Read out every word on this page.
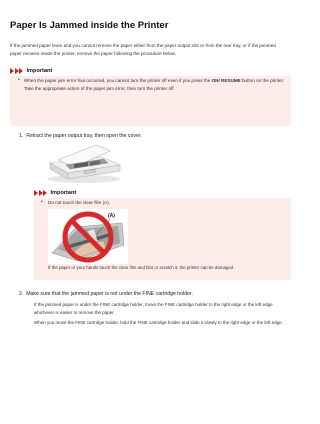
Paper Is Jammed inside the Printer
If the jammed paper tears and you cannot remove the paper either from the paper output slot or from the rear tray, or if the jammed paper remains inside the printer, remove the paper following the procedure below.
Important
• When the paper jam error has occurred, you cannot turn the printer off even if you press the ON/ RESUME button on the printer. Take the appropriate action of the paper jam error, then turn the printer off.
1. Retract the paper output tray, then open the cover.
Important
• Do not touch the clear film (A).
(A)
If the paper or your hands touch the clear film and blot or scratch it, the printer can be damaged.
2. Make sure that the jammed paper is not under the FINE cartridge holder.
If the jammed paper is under the FINE cartridge holder, move the FINE cartridge holder to the right edge or the left edge whichever is easier to remove the paper.
When you move the FINE cartridge holder, hold the FINE cartridge holder and slide it slowly to the right edge or the left edge.
